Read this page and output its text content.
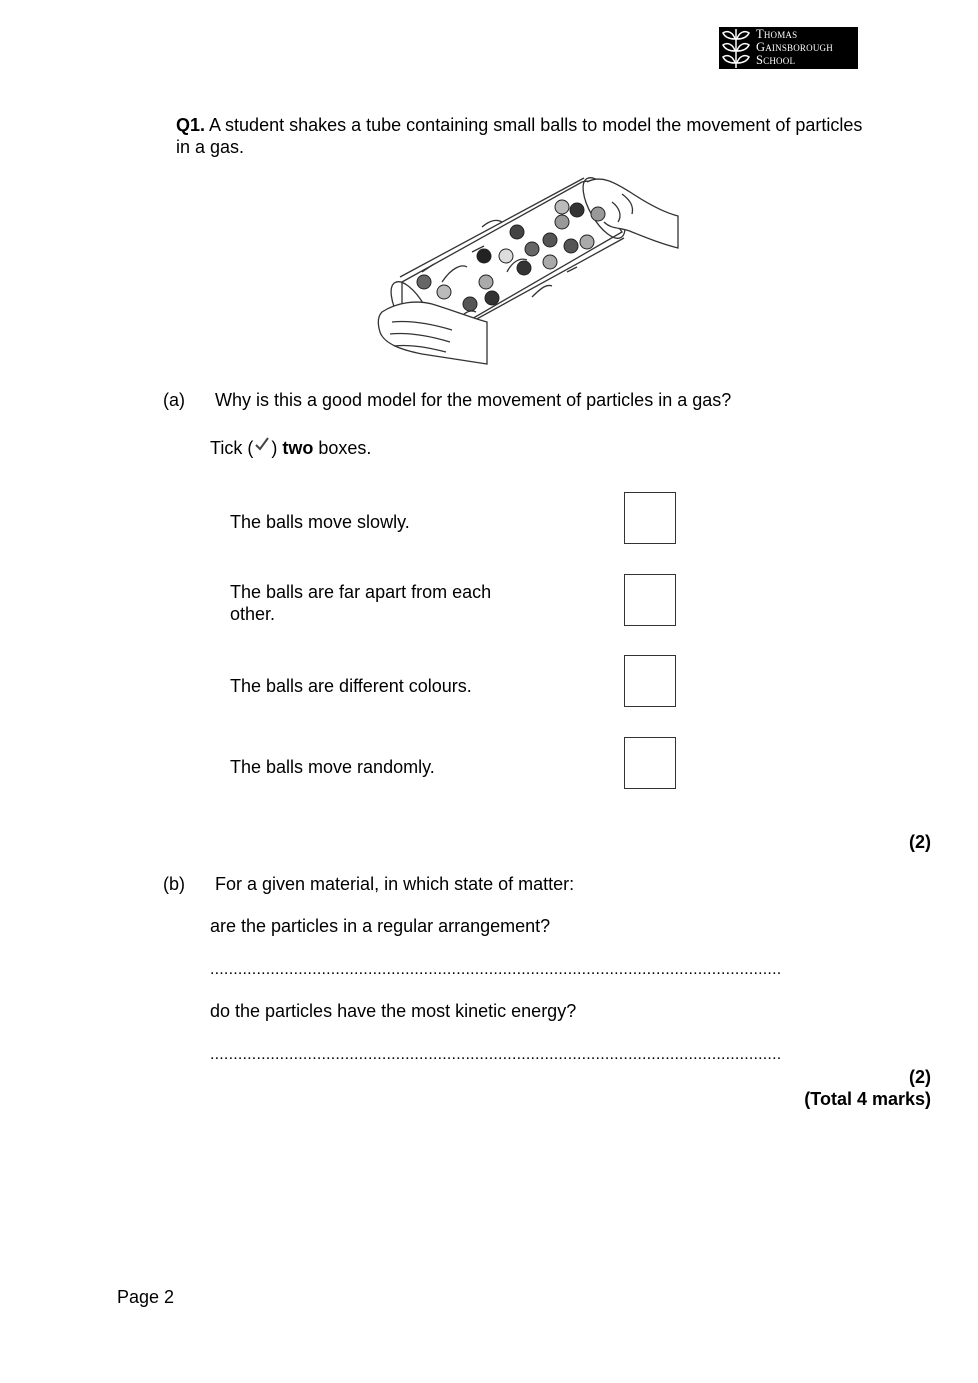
Thomas
Gainsborough
School
Q1. A student shakes a tube containing small balls to model the movement of particles in a gas.
(a) Why is this a good model for the movement of particles in a gas?
Tick ( ) two boxes.
The balls move slowly.
The balls are far apart from each other.
The balls are different colours.
The balls move randomly.
(2)
(b) For a given material, in which state of matter:
are the particles in a regular arrangement?
...........................................................................................................................
do the particles have the most kinetic energy?
...........................................................................................................................
(2)
(Total 4 marks)
Page 2
